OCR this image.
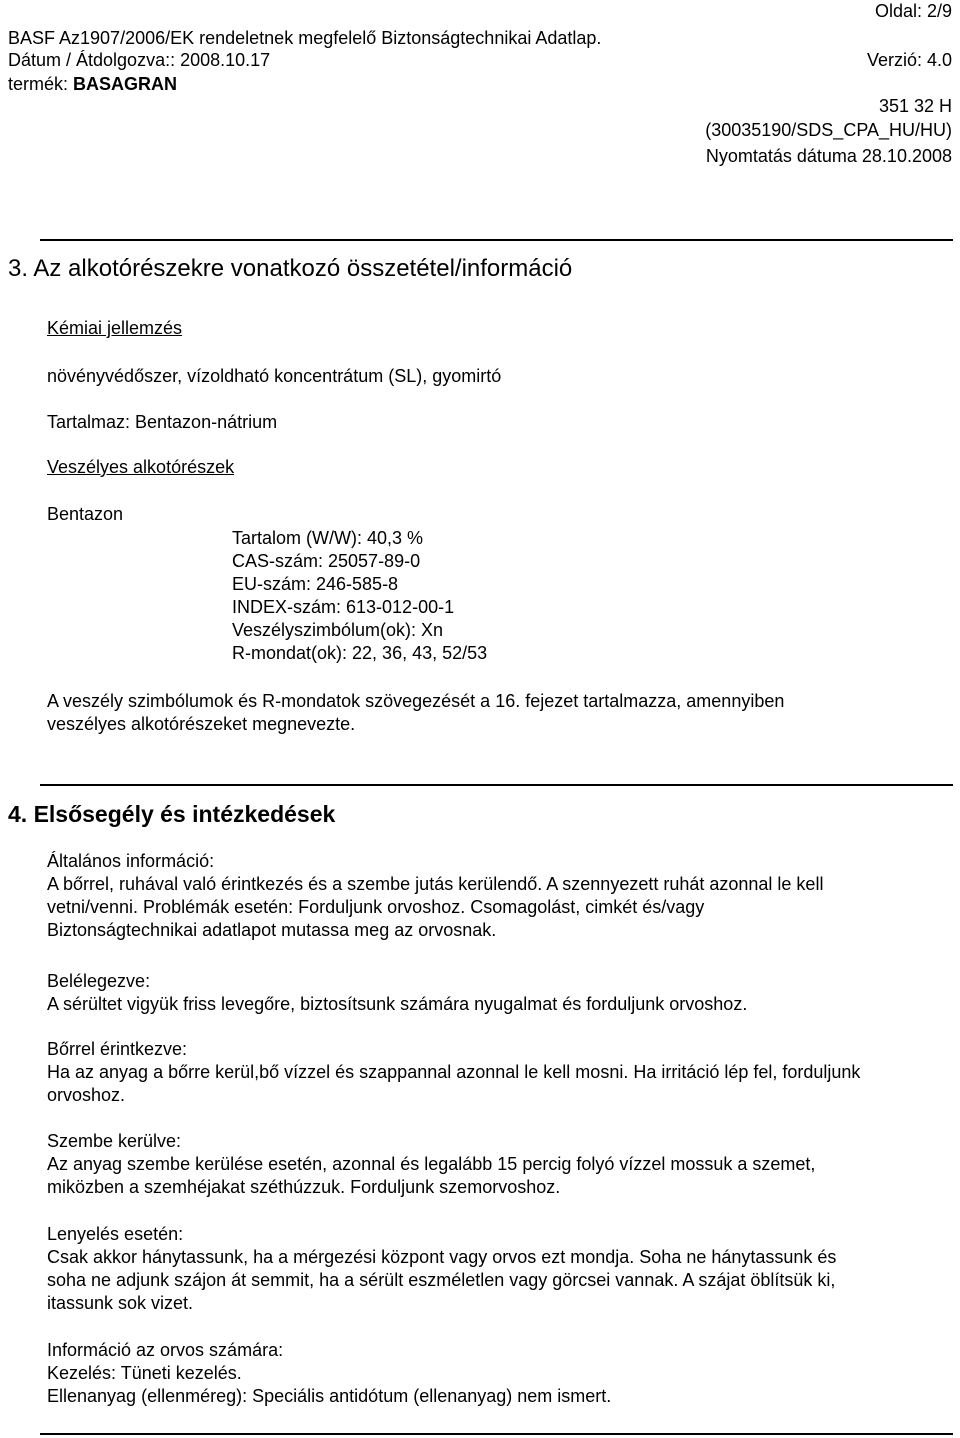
Oldal: 2/9
BASF Az1907/2006/EK rendeletnek megfelelő Biztonságtechnikai Adatlap.
Dátum / Átdolgozva:: 2008.10.17	Verzió: 4.0
termék: BASAGRAN
351 32 H
(30035190/SDS_CPA_HU/HU)
Nyomtatás dátuma 28.10.2008
3. Az alkotórészekre vonatkozó összetétel/információ
Kémiai jellemzés
növényvédőszer, vízoldható koncentrátum (SL), gyomirtó
Tartalmaz: Bentazon-nátrium
Veszélyes alkotórészek
Bentazon
Tartalom (W/W): 40,3 %
CAS-szám: 25057-89-0
EU-szám: 246-585-8
INDEX-szám: 613-012-00-1
Veszélyszimbólum(ok): Xn
R-mondat(ok): 22, 36, 43, 52/53
A veszély szimbólumok és R-mondatok szövegezését a 16. fejezet tartalmazza, amennyiben
veszélyes alkotórészeket megnevezte.
4. Elsősegély és intézkedések
Általános információ:
A bőrrel, ruhával való érintkezés és a szembe jutás kerülendő. A szennyezett ruhát azonnal le kell
vetni/venni. Problémák esetén: Forduljunk orvoshoz. Csomagolást, cimkét és/vagy
Biztonságtechnikai adatlapot mutassa meg az orvosnak.
Belélegezve:
A sérültet vigyük friss levegőre, biztosítsunk számára nyugalmat és forduljunk orvoshoz.
Bőrrel érintkezve:
Ha az anyag a bőrre kerül,bő vízzel és szappannal azonnal le kell mosni. Ha irritáció lép fel, forduljunk
orvoshoz.
Szembe kerülve:
Az anyag szembe kerülése esetén, azonnal és legalább 15 percig folyó vízzel mossuk a szemet,
miközben a szemhéjakat széthúzzuk. Forduljunk szemorvoshoz.
Lenyelés esetén:
Csak akkor hánytassunk, ha a mérgezési központ vagy orvos ezt mondja. Soha ne hánytassunk és
soha ne adjunk szájon át semmit, ha a sérült eszméletlen vagy görcsei vannak. A szájat öblítsük ki,
itassunk sok vizet.
Információ az orvos számára:
Kezelés: Tüneti kezelés.
Ellenanyag (ellenméreg): Speciális antidótum (ellenanyag) nem ismert.
